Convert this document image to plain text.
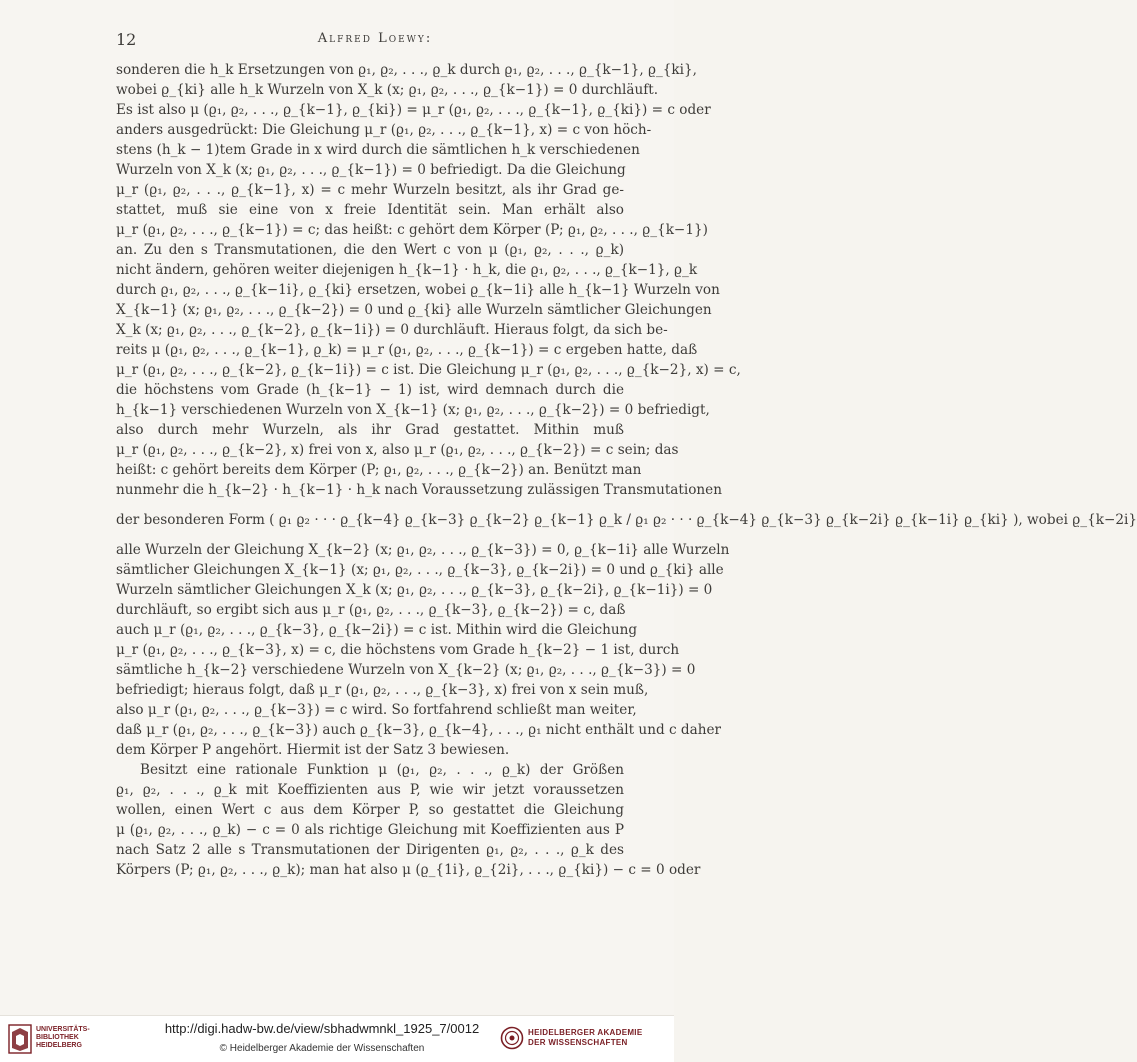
12	Alfred Loewy:
sonderen die h_k Ersetzungen von ϱ₁, ϱ₂, . . ., ϱ_k durch ϱ₁, ϱ₂, . . ., ϱ_{k−1}, ϱ_{ki},
wobei ϱ_{ki} alle h_k Wurzeln von X_k (x; ϱ₁, ϱ₂, . . ., ϱ_{k−1}) = 0 durchläuft.
Es ist also μ (ϱ₁, ϱ₂, . . ., ϱ_{k−1}, ϱ_{ki}) = μ_r (ϱ₁, ϱ₂, . . ., ϱ_{k−1}, ϱ_{ki}) = c oder
anders ausgedrückt: Die Gleichung μ_r (ϱ₁, ϱ₂, . . ., ϱ_{k−1}, x) = c von höch-
stens (h_k − 1)tem Grade in x wird durch die sämtlichen h_k verschiedenen
Wurzeln von X_k (x; ϱ₁, ϱ₂, . . ., ϱ_{k−1}) = 0 befriedigt. Da die Gleichung
μ_r (ϱ₁, ϱ₂, . . ., ϱ_{k−1}, x) = c mehr Wurzeln besitzt, als ihr Grad ge-
stattet, muß sie eine von x freie Identität sein. Man erhält also
μ_r (ϱ₁, ϱ₂, . . ., ϱ_{k−1}) = c; das heißt: c gehört dem Körper (P; ϱ₁, ϱ₂, . . ., ϱ_{k−1})
an. Zu den s Transmutationen, die den Wert c von μ (ϱ₁, ϱ₂, . . ., ϱ_k)
nicht ändern, gehören weiter diejenigen h_{k−1} · h_k, die ϱ₁, ϱ₂, . . ., ϱ_{k−1}, ϱ_k
durch ϱ₁, ϱ₂, . . ., ϱ_{k−1i}, ϱ_{ki} ersetzen, wobei ϱ_{k−1i} alle h_{k−1} Wurzeln von
X_{k−1} (x; ϱ₁, ϱ₂, . . ., ϱ_{k−2}) = 0 und ϱ_{ki} alle Wurzeln sämtlicher Gleichungen
X_k (x; ϱ₁, ϱ₂, . . ., ϱ_{k−2}, ϱ_{k−1i}) = 0 durchläuft. Hieraus folgt, da sich be-
reits μ (ϱ₁, ϱ₂, . . ., ϱ_{k−1}, ϱ_k) = μ_r (ϱ₁, ϱ₂, . . ., ϱ_{k−1}) = c ergeben hatte, daß
μ_r (ϱ₁, ϱ₂, . . ., ϱ_{k−2}, ϱ_{k−1i}) = c ist. Die Gleichung μ_r (ϱ₁, ϱ₂, . . ., ϱ_{k−2}, x) = c,
die höchstens vom Grade (h_{k−1} − 1) ist, wird demnach durch die
h_{k−1} verschiedenen Wurzeln von X_{k−1} (x; ϱ₁, ϱ₂, . . ., ϱ_{k−2}) = 0 befriedigt,
also durch mehr Wurzeln, als ihr Grad gestattet. Mithin muß
μ_r (ϱ₁, ϱ₂, . . ., ϱ_{k−2}, x) frei von x, also μ_r (ϱ₁, ϱ₂, . . ., ϱ_{k−2}) = c sein; das
heißt: c gehört bereits dem Körper (P; ϱ₁, ϱ₂, . . ., ϱ_{k−2}) an. Benützt man
nunmehr die h_{k−2} · h_{k−1} · h_k nach Voraussetzung zulässigen Transmutationen
der besonderen Form ( ϱ₁ ϱ₂ · · · ϱ_{k−4} ϱ_{k−3} ϱ_{k−2} ϱ_{k−1} ϱ_k / ϱ₁ ϱ₂ · · · ϱ_{k−4} ϱ_{k−3} ϱ_{k−2i} ϱ_{k−1i} ϱ_{ki} ), wobei ϱ_{k−2i}
alle Wurzeln der Gleichung X_{k−2} (x; ϱ₁, ϱ₂, . . ., ϱ_{k−3}) = 0, ϱ_{k−1i} alle Wurzeln
sämtlicher Gleichungen X_{k−1} (x; ϱ₁, ϱ₂, . . ., ϱ_{k−3}, ϱ_{k−2i}) = 0 und ϱ_{ki} alle
Wurzeln sämtlicher Gleichungen X_k (x; ϱ₁, ϱ₂, . . ., ϱ_{k−3}, ϱ_{k−2i}, ϱ_{k−1i}) = 0
durchläuft, so ergibt sich aus μ_r (ϱ₁, ϱ₂, . . ., ϱ_{k−3}, ϱ_{k−2}) = c, daß
auch μ_r (ϱ₁, ϱ₂, . . ., ϱ_{k−3}, ϱ_{k−2i}) = c ist. Mithin wird die Gleichung
μ_r (ϱ₁, ϱ₂, . . ., ϱ_{k−3}, x) = c, die höchstens vom Grade h_{k−2} − 1 ist, durch
sämtliche h_{k−2} verschiedene Wurzeln von X_{k−2} (x; ϱ₁, ϱ₂, . . ., ϱ_{k−3}) = 0
befriedigt; hieraus folgt, daß μ_r (ϱ₁, ϱ₂, . . ., ϱ_{k−3}, x) frei von x sein muß,
also μ_r (ϱ₁, ϱ₂, . . ., ϱ_{k−3}) = c wird. So fortfahrend schließt man weiter,
daß μ_r (ϱ₁, ϱ₂, . . ., ϱ_{k−3}) auch ϱ_{k−3}, ϱ_{k−4}, . . ., ϱ₁ nicht enthält und c daher
dem Körper P angehört. Hiermit ist der Satz 3 bewiesen.
Besitzt eine rationale Funktion μ (ϱ₁, ϱ₂, . . ., ϱ_k) der Größen
ϱ₁, ϱ₂, . . ., ϱ_k mit Koeffizienten aus P, wie wir jetzt voraussetzen
wollen, einen Wert c aus dem Körper P, so gestattet die Gleichung
μ (ϱ₁, ϱ₂, . . ., ϱ_k) − c = 0 als richtige Gleichung mit Koeffizienten aus P
nach Satz 2 alle s Transmutationen der Dirigenten ϱ₁, ϱ₂, . . ., ϱ_k des
Körpers (P; ϱ₁, ϱ₂, . . ., ϱ_k); man hat also μ (ϱ_{1i}, ϱ_{2i}, . . ., ϱ_{ki}) − c = 0 oder
UNIVERSITÄTS-
BIBLIOTHEK
HEIDELBERG
http://digi.hadw-bw.de/view/sbhadwmnkl_1925_7/0012
© Heidelberger Akademie der Wissenschaften
HEIDELBERGER AKADEMIE
DER WISSENSCHAFTEN
